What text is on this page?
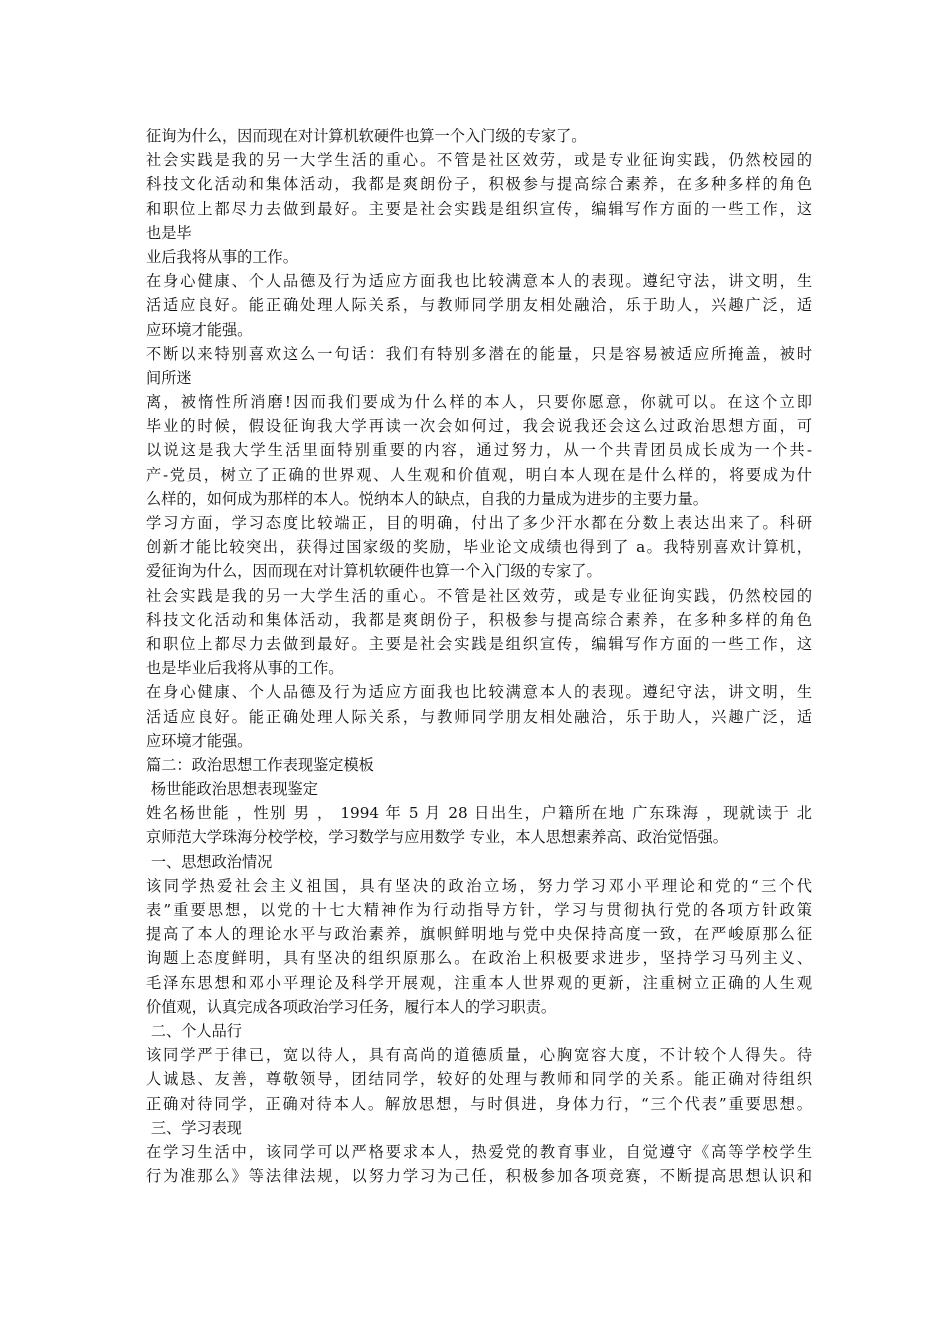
征询为什么，因而现在对计算机软硬件也算一个入门级的专家了。
社会实践是我的另一大学生活的重心。不管是社区效劳，或是专业征询实践，仍然校园的
科技文化活动和集体活动，我都是爽朗份子，积极参与提高综合素养，在多种多样的角色
和职位上都尽力去做到最好。主要是社会实践是组织宣传，编辑写作方面的一些工作，这
也是毕
业后我将从事的工作。
在身心健康、个人品德及行为适应方面我也比较满意本人的表现。遵纪守法，讲文明，生
活适应良好。能正确处理人际关系，与教师同学朋友相处融洽，乐于助人，兴趣广泛，适
应环境才能强。
不断以来特别喜欢这么一句话：我们有特别多潜在的能量，只是容易被适应所掩盖，被时
间所迷
离，被惰性所消磨!因而我们要成为什么样的本人，只要你愿意，你就可以。在这个立即
毕业的时候，假设征询我大学再读一次会如何过，我会说我还会这么过政治思想方面，可
以说这是我大学生活里面特别重要的内容，通过努力，从一个共青团员成长成为一个共-
产-党员，树立了正确的世界观、人生观和价值观，明白本人现在是什么样的，将要成为什
么样的，如何成为那样的本人。悦纳本人的缺点，自我的力量成为进步的主要力量。
学习方面，学习态度比较端正，目的明确，付出了多少汗水都在分数上表达出来了。科研
创新才能比较突出，获得过国家级的奖励，毕业论文成绩也得到了 a。我特别喜欢计算机，
爱征询为什么，因而现在对计算机软硬件也算一个入门级的专家了。
社会实践是我的另一大学生活的重心。不管是社区效劳，或是专业征询实践，仍然校园的
科技文化活动和集体活动，我都是爽朗份子，积极参与提高综合素养，在多种多样的角色
和职位上都尽力去做到最好。主要是社会实践是组织宣传，编辑写作方面的一些工作，这
也是毕业后我将从事的工作。
在身心健康、个人品德及行为适应方面我也比较满意本人的表现。遵纪守法，讲文明，生
活适应良好。能正确处理人际关系，与教师同学朋友相处融洽，乐于助人，兴趣广泛，适
应环境才能强。
篇二：政治思想工作表现鉴定模板
杨世能政治思想表现鉴定
姓名杨世能 ，性别 男 ， 1994 年 5 月 28 日出生，户籍所在地 广东珠海 ，现就读于 北
京师范大学珠海分校学校，学习数学与应用数学 专业，本人思想素养高、政治觉悟强。
一、思想政治情况
该同学热爱社会主义祖国，具有坚决的政治立场，努力学习邓小平理论和党的“三个代
表”重要思想，以党的十七大精神作为行动指导方针，学习与贯彻执行党的各项方针政策
提高了本人的理论水平与政治素养，旗帜鲜明地与党中央保持高度一致，在严峻原那么征
询题上态度鲜明，具有坚决的组织原那么。在政治上积极要求进步，坚持学习马列主义、
毛泽东思想和邓小平理论及科学开展观，注重本人世界观的更新，注重树立正确的人生观
价值观，认真完成各项政治学习任务，履行本人的学习职责。
二、个人品行
该同学严于律已，宽以待人，具有高尚的道德质量，心胸宽容大度，不计较个人得失。待
人诚恳、友善，尊敬领导，团结同学，较好的处理与教师和同学的关系。能正确对待组织
正确对待同学，正确对待本人。解放思想，与时俱进，身体力行，“三个代表”重要思想。
三、学习表现
在学习生活中，该同学可以严格要求本人，热爱党的教育事业，自觉遵守《高等学校学生
行为准那么》等法律法规，以努力学习为己任，积极参加各项竞赛，不断提高思想认识和
